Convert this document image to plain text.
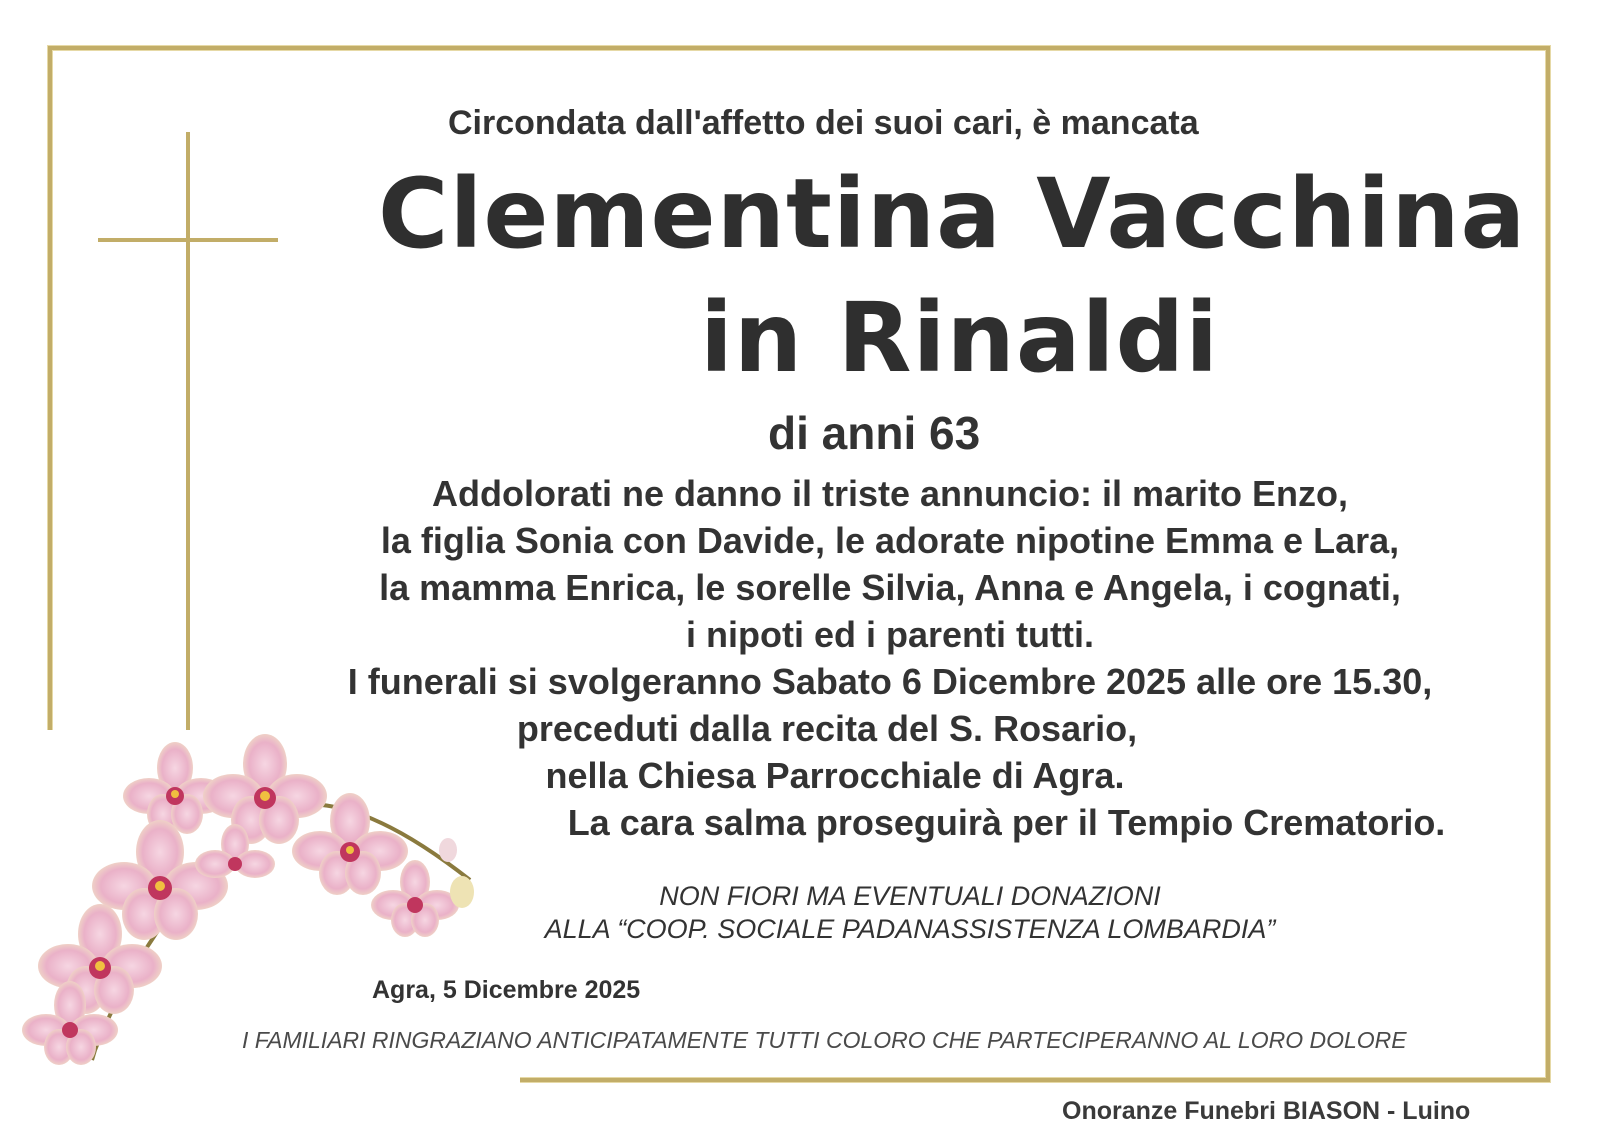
Circondata dall'affetto dei suoi cari, è mancata
Clementina Vacchina
in Rinaldi
di anni 63
Addolorati ne danno il triste annuncio: il marito Enzo,
la figlia Sonia con Davide, le adorate nipotine Emma e Lara,
la mamma Enrica, le sorelle Silvia, Anna e Angela, i cognati,
i nipoti ed i parenti tutti.
I funerali si svolgeranno Sabato 6 Dicembre 2025 alle ore 15.30,
preceduti dalla recita del S. Rosario,
nella Chiesa Parrocchiale di Agra.
La cara salma proseguirà per il Tempio Crematorio.
NON FIORI MA EVENTUALI DONAZIONI
ALLA “COOP. SOCIALE PADANASSISTENZA LOMBARDIA”
Agra, 5 Dicembre 2025
I FAMILIARI RINGRAZIANO ANTICIPATAMENTE TUTTI COLORO CHE PARTECIPERANNO AL LORO DOLORE
Onoranze Funebri BIASON - Luino
